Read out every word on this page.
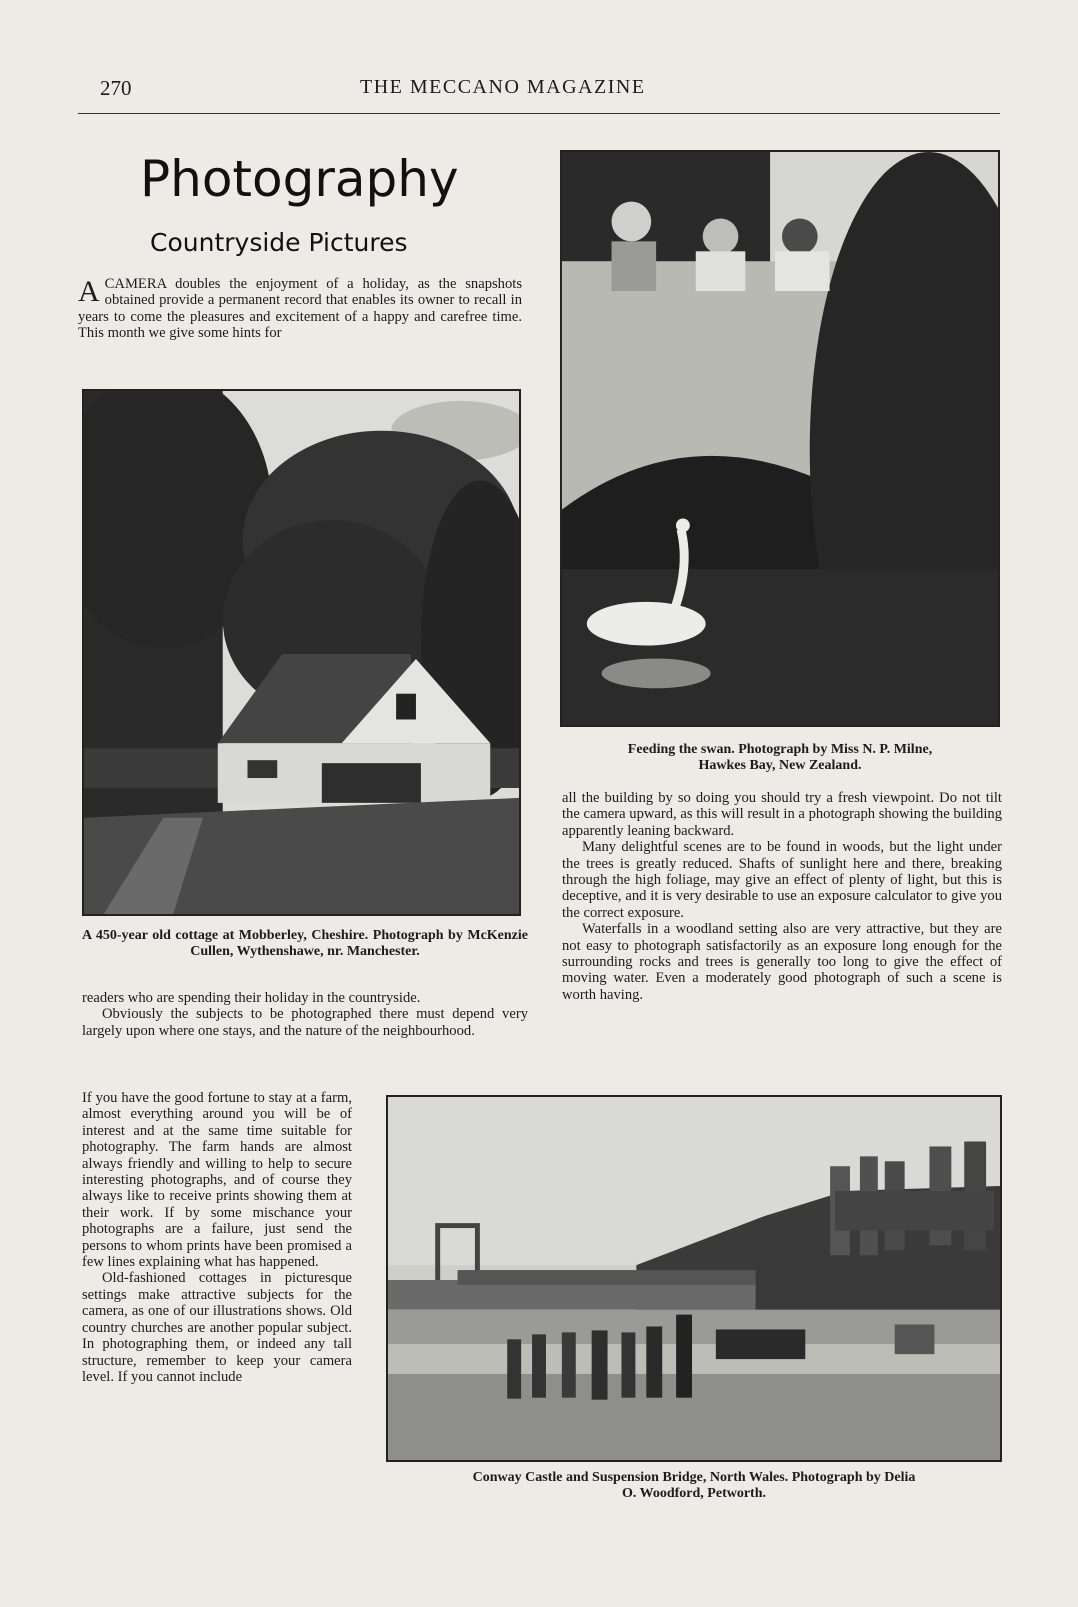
270	THE MECCANO MAGAZINE
Photography
Countryside Pictures
ACAMERA doubles the enjoyment of a holiday, as the snapshots obtained provide a permanent record that enables its owner to recall in years to come the pleasures and excitement of a happy and carefree time. This month we give some hints for

A 450-year old cottage at Mobberley, Cheshire. Photograph by McKenzie Cullen, Wythenshawe, nr. Manchester.

readers who are spending their holiday in the countryside.

Obviously the subjects to be photographed there must depend very largely upon where one stays, and the nature of the neighbourhood.

If you have the good fortune to stay at a farm, almost everything around you will be of interest and at the same time suitable for photography. The farm hands are almost always friendly and willing to help to secure interesting photographs, and of course they always like to receive prints showing them at their work. If by some mischance your photographs are a failure, just send the persons to whom prints have been promised a few lines explaining what has happened.

Old-fashioned cottages in picturesque settings make attractive subjects for the camera, as one of our illustrations shows. Old country churches are another popular subject. In photographing them, or indeed any tall structure, remember to keep your camera level. If you cannot include

Feeding the swan. Photograph by Miss N. P. Milne,
Hawkes Bay, New Zealand.

all the building by so doing you should try a fresh viewpoint. Do not tilt the camera upward, as this will result in a photograph showing the building apparently leaning backward.

Many delightful scenes are to be found in woods, but the light under the trees is greatly reduced. Shafts of sunlight here and there, breaking through the high foliage, may give an effect of plenty of light, but this is deceptive, and it is very desirable to use an exposure calculator to give you the correct exposure.

Waterfalls in a woodland setting also are very attractive, but they are not easy to photograph satisfactorily as an exposure long enough for the surrounding rocks and trees is generally too long to give the effect of moving water. Even a moderately good photograph of such a scene is worth having.

Conway Castle and Suspension Bridge, North Wales. Photograph by Delia
O. Woodford, Petworth.
